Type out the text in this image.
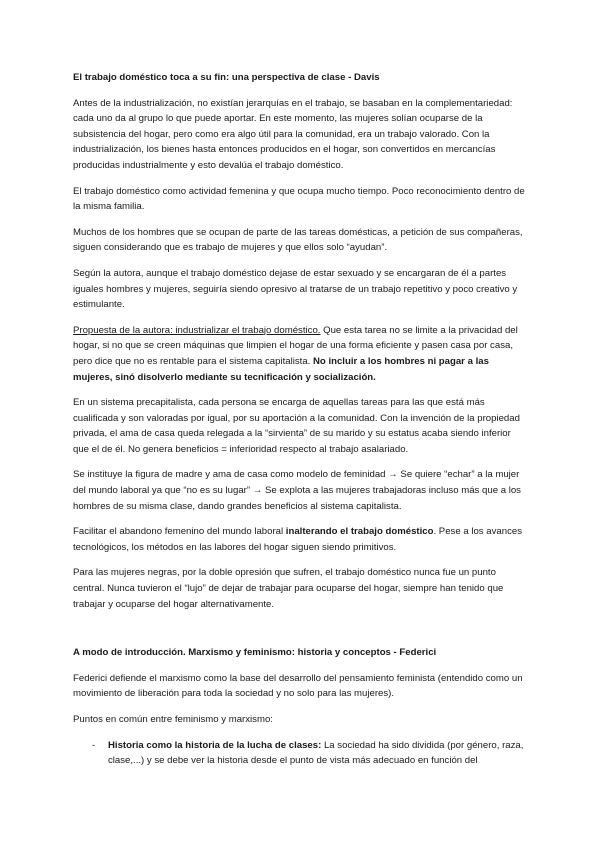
El trabajo doméstico toca a su fin: una perspectiva de clase - Davis

Antes de la industrialización, no existían jerarquías en el trabajo, se basaban en la complementariedad: cada uno da al grupo lo que puede aportar. En este momento, las mujeres solían ocuparse de la subsistencia del hogar, pero como era algo útil para la comunidad, era un trabajo valorado. Con la industrialización, los bienes hasta entonces producidos en el hogar, son convertidos en mercancías producidas industrialmente y esto devalúa el trabajo doméstico.

El trabajo doméstico como actividad femenina y que ocupa mucho tiempo. Poco reconocimiento dentro de la misma familia.

Muchos de los hombres que se ocupan de parte de las tareas domésticas, a petición de sus compañeras, siguen considerando que es trabajo de mujeres y que ellos solo “ayudan”.

Según la autora, aunque el trabajo doméstico dejase de estar sexuado y se encargaran de él a partes iguales hombres y mujeres, seguiría siendo opresivo al tratarse de un trabajo repetitivo y poco creativo y estimulante.

Propuesta de la autora: industrializar el trabajo doméstico. Que esta tarea no se limite a la privacidad del hogar, si no que se creen máquinas que limpien el hogar de una forma eficiente y pasen casa por casa, pero dice que no es rentable para el sistema capitalista. No incluir a los hombres ni pagar a las mujeres, sinó disolverlo mediante su tecnificación y socialización.

En un sistema precapitalista, cada persona se encarga de aquellas tareas para las que está más cualificada y son valoradas por igual, por su aportación a la comunidad. Con la invención de la propiedad privada, el ama de casa queda relegada a la “sirvienta” de su marido y su estatus acaba siendo inferior que el de él. No genera beneficios = inferioridad respecto al trabajo asalariado.

Se instituye la figura de madre y ama de casa como modelo de feminidad → Se quiere “echar” a la mujer del mundo laboral ya que “no es su lugar” → Se explota a las mujeres trabajadoras incluso más que a los hombres de su misma clase, dando grandes beneficios al sistema capitalista.

Facilitar el abandono femenino del mundo laboral inalterando el trabajo doméstico. Pese a los avances tecnológicos, los métodos en las labores del hogar siguen siendo primitivos.

Para las mujeres negras, por la doble opresión que sufren, el trabajo doméstico nunca fue un punto central. Nunca tuvieron el “lujo” de dejar de trabajar para ocuparse del hogar, siempre han tenido que trabajar y ocuparse del hogar alternativamente.

A modo de introducción. Marxismo y feminismo: historia y conceptos - Federici

Federici defiende el marxismo como la base del desarrollo del pensamiento feminista (entendido como un movimiento de liberación para toda la sociedad y no solo para las mujeres).

Puntos en común entre feminismo y marxismo:

- Historia como la historia de la lucha de clases: La sociedad ha sido dividida (por género, raza, clase,...) y se debe ver la historia desde el punto de vista más adecuado en función del
